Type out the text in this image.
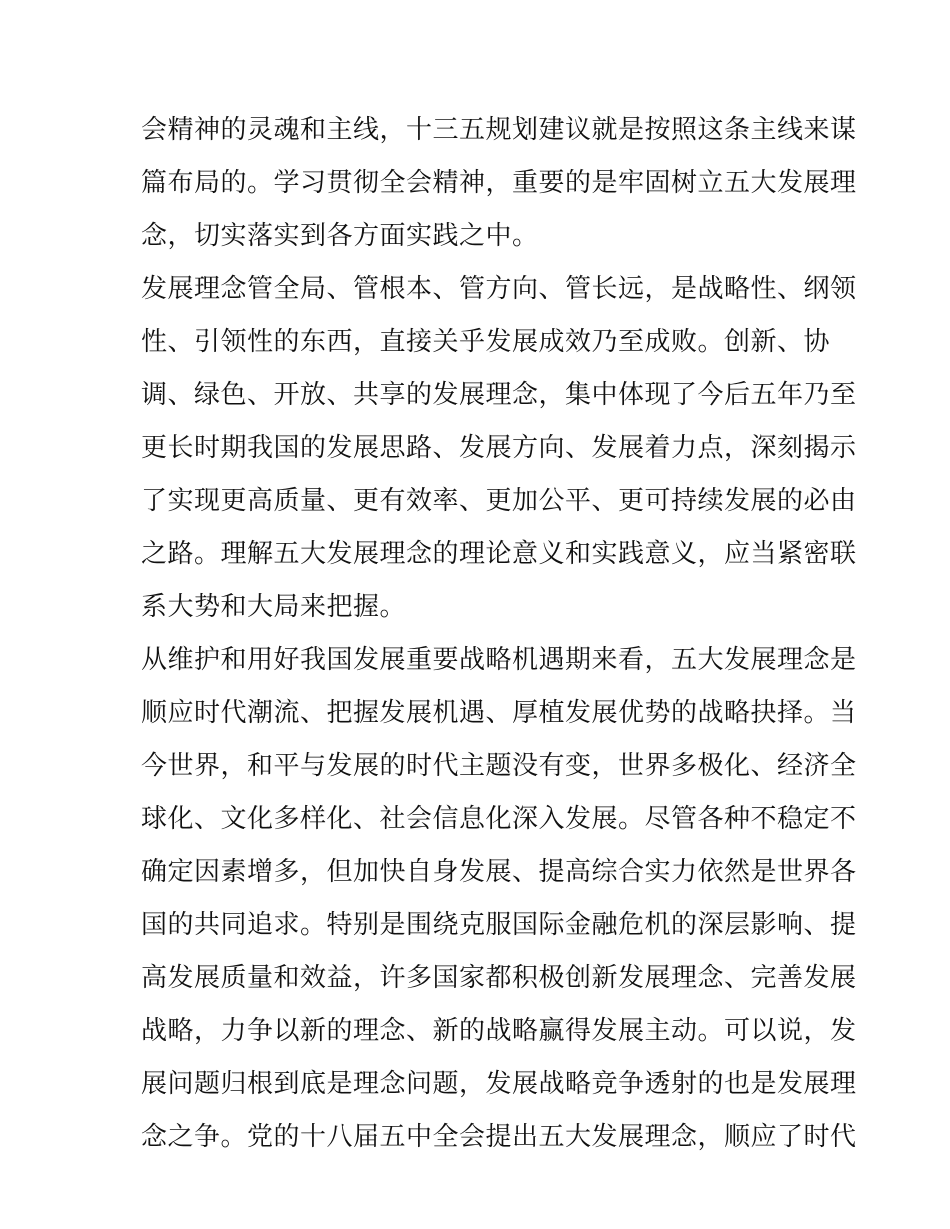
会精神的灵魂和主线，十三五规划建议就是按照这条主线来谋
篇布局的。学习贯彻全会精神，重要的是牢固树立五大发展理
念，切实落实到各方面实践之中。
发展理念管全局、管根本、管方向、管长远，是战略性、纲领
性、引领性的东西，直接关乎发展成效乃至成败。创新、协
调、绿色、开放、共享的发展理念，集中体现了今后五年乃至
更长时期我国的发展思路、发展方向、发展着力点，深刻揭示
了实现更高质量、更有效率、更加公平、更可持续发展的必由
之路。理解五大发展理念的理论意义和实践意义，应当紧密联
系大势和大局来把握。
从维护和用好我国发展重要战略机遇期来看，五大发展理念是
顺应时代潮流、把握发展机遇、厚植发展优势的战略抉择。当
今世界，和平与发展的时代主题没有变，世界多极化、经济全
球化、文化多样化、社会信息化深入发展。尽管各种不稳定不
确定因素增多，但加快自身发展、提高综合实力依然是世界各
国的共同追求。特别是围绕克服国际金融危机的深层影响、提
高发展质量和效益，许多国家都积极创新发展理念、完善发展
战略，力争以新的理念、新的战略赢得发展主动。可以说，发
展问题归根到底是理念问题，发展战略竞争透射的也是发展理
念之争。党的十八届五中全会提出五大发展理念，顺应了时代
